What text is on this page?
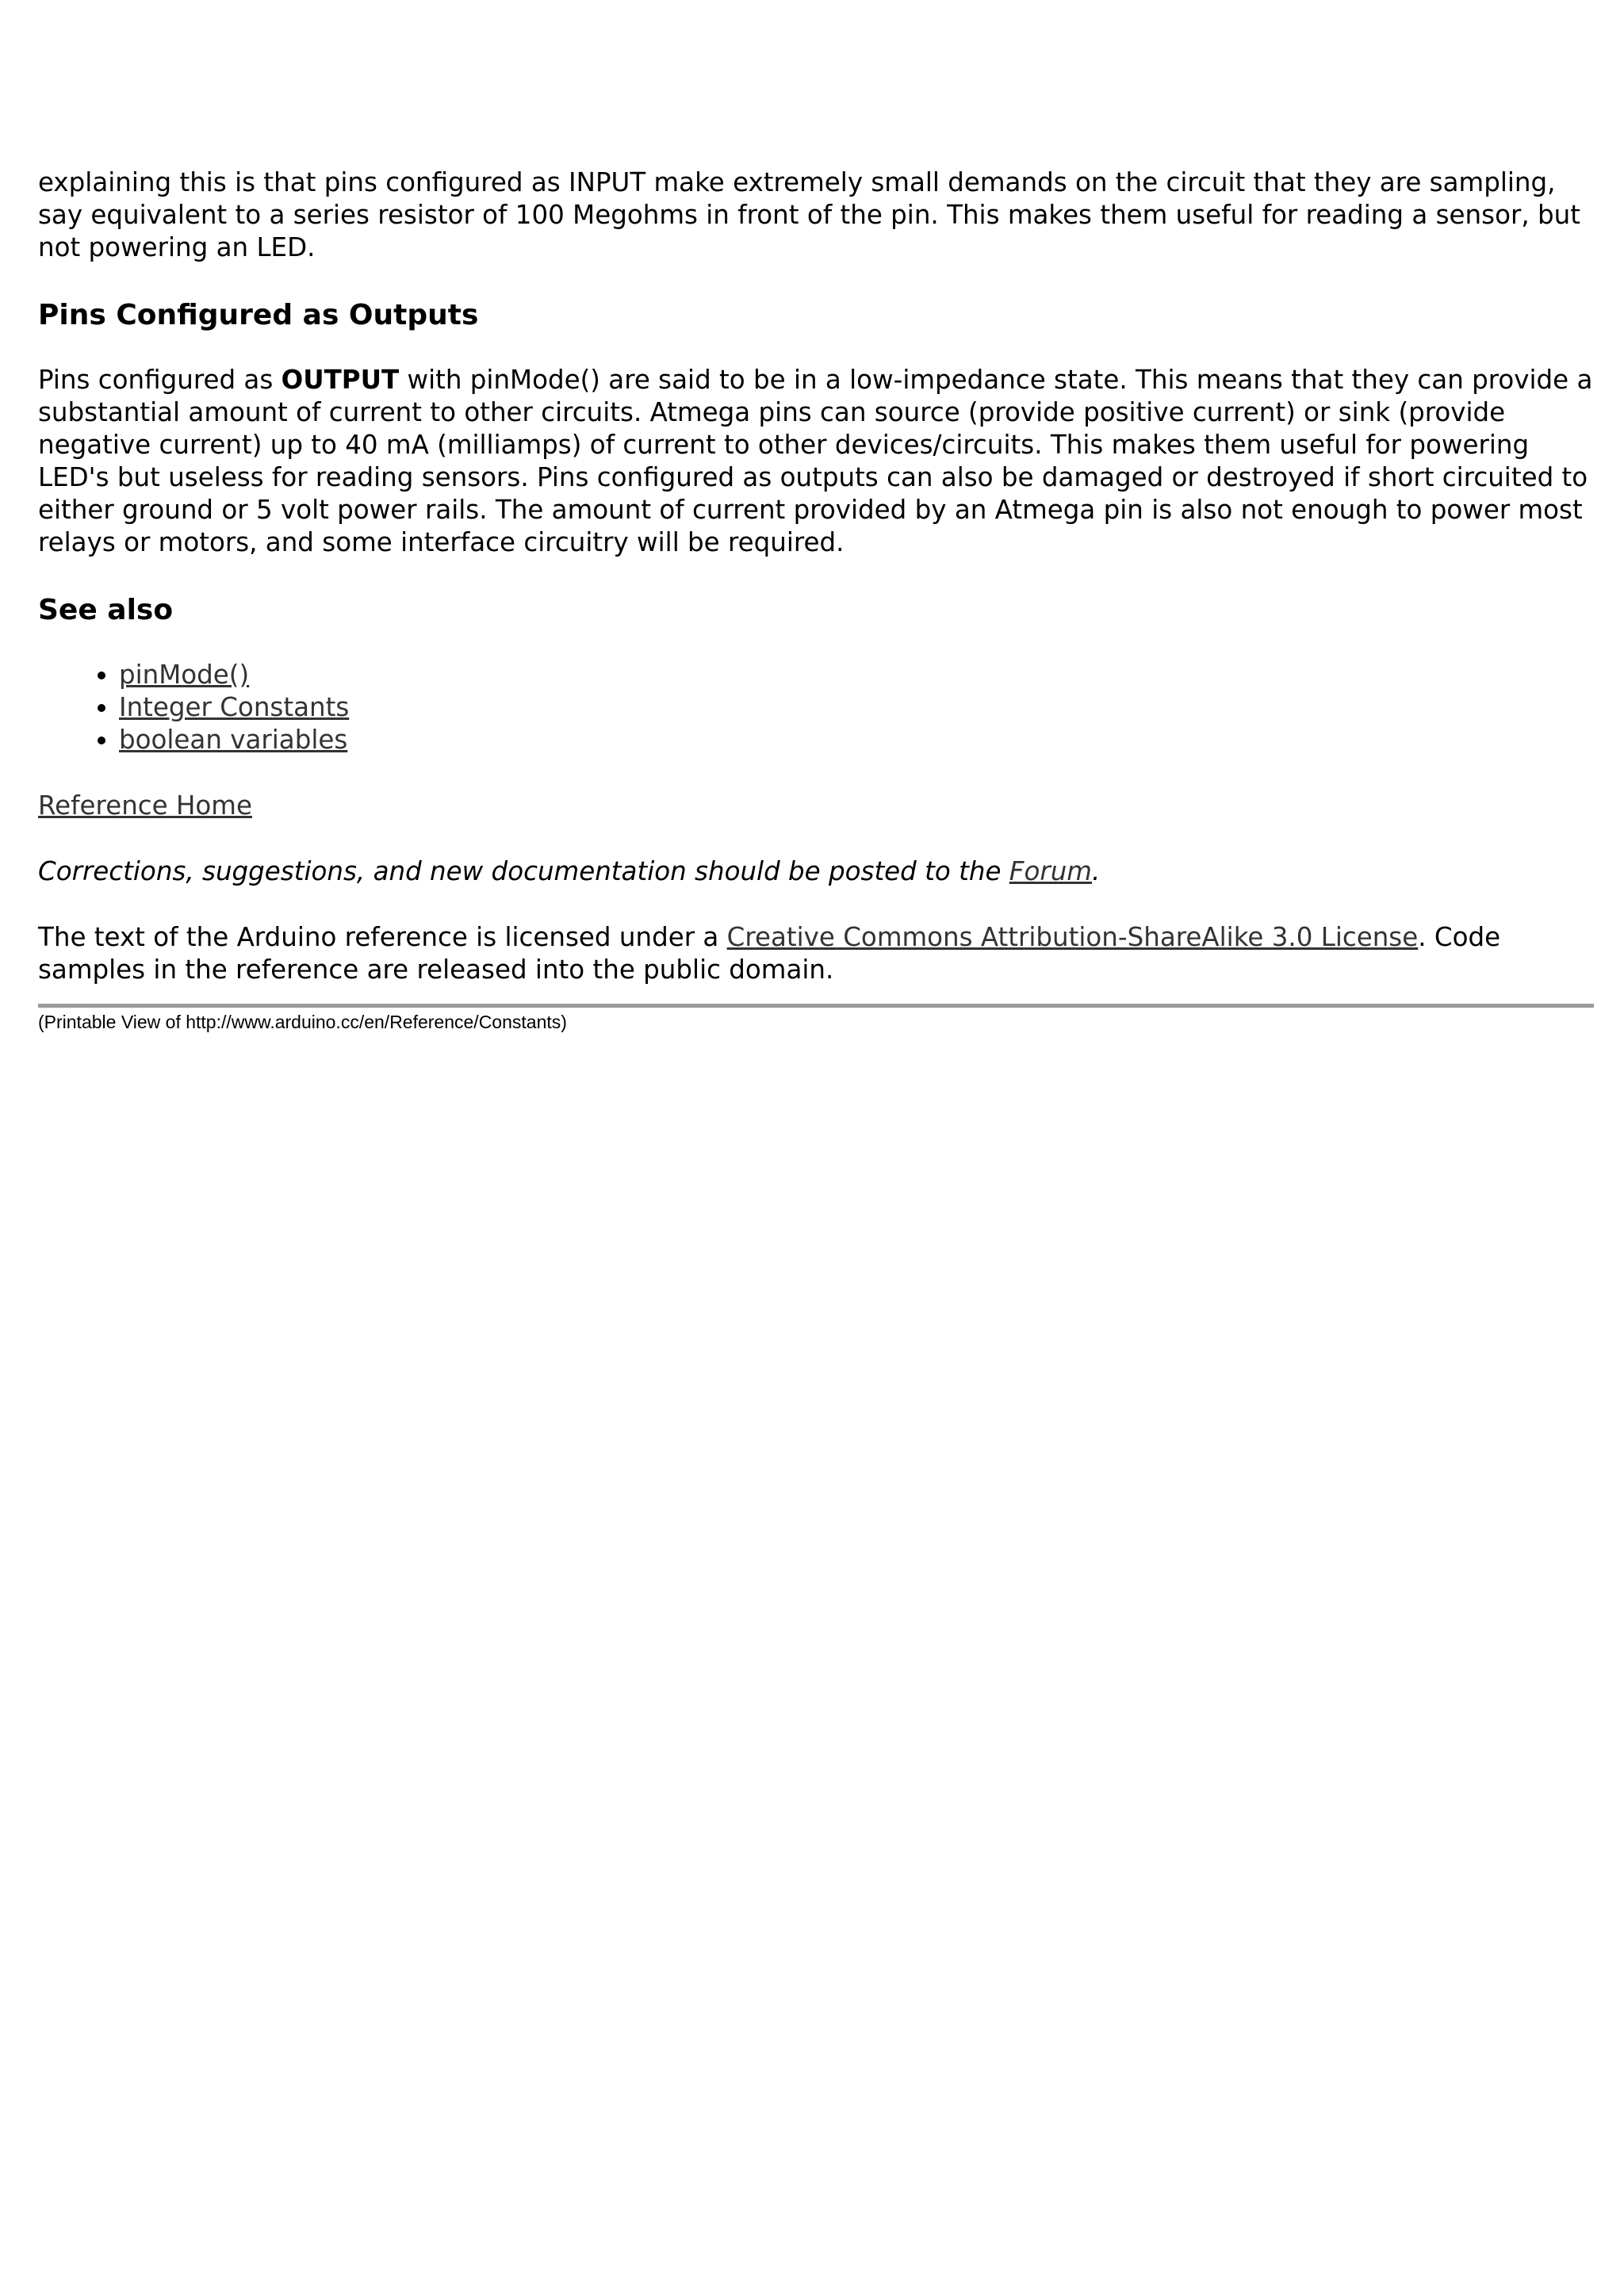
explaining this is that pins configured as INPUT make extremely small demands on the circuit that they are sampling, say equivalent to a series resistor of 100 Megohms in front of the pin. This makes them useful for reading a sensor, but not powering an LED.

Pins Configured as Outputs

Pins configured as OUTPUT with pinMode() are said to be in a low-impedance state. This means that they can provide a substantial amount of current to other circuits. Atmega pins can source (provide positive current) or sink (provide negative current) up to 40 mA (milliamps) of current to other devices/circuits. This makes them useful for powering LED's but useless for reading sensors. Pins configured as outputs can also be damaged or destroyed if short circuited to either ground or 5 volt power rails. The amount of current provided by an Atmega pin is also not enough to power most relays or motors, and some interface circuitry will be required.

See also
• pinMode()
• Integer Constants
• boolean variables

Reference Home

Corrections, suggestions, and new documentation should be posted to the Forum.

The text of the Arduino reference is licensed under a Creative Commons Attribution-ShareAlike 3.0 License. Code samples in the reference are released into the public domain.

(Printable View of http://www.arduino.cc/en/Reference/Constants)
